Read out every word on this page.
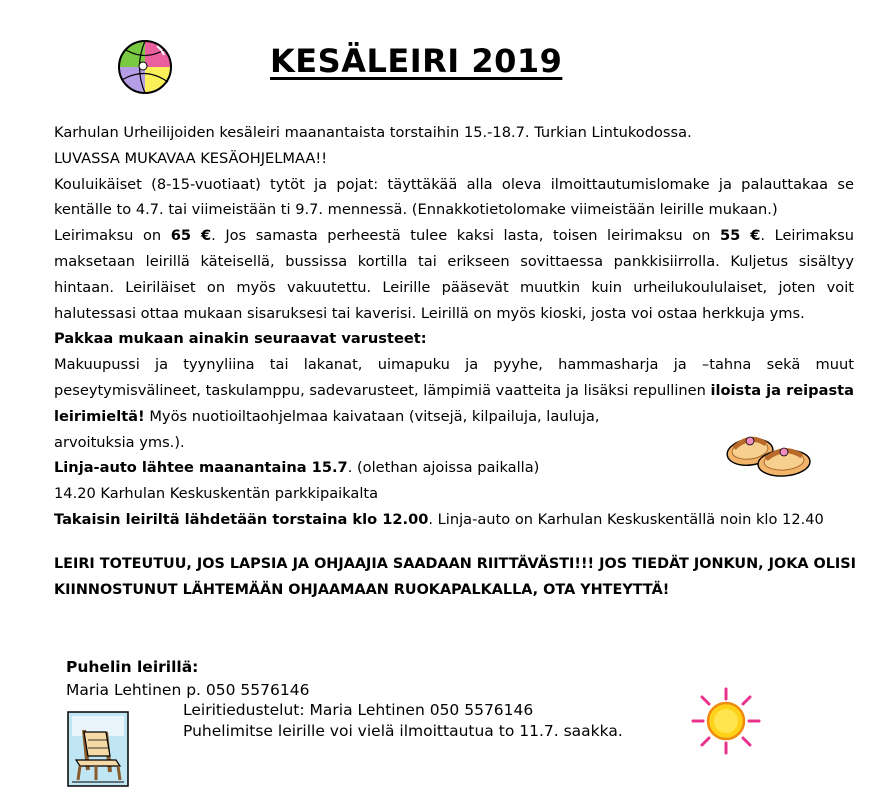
KESÄLEIRI 2019

Karhulan Urheilijoiden kesäleiri maanantaista torstaihin 15.-18.7. Turkian Lintukodossa.

LUVASSA MUKAVAA KESÄOHJELMAA!!

Kouluikäiset (8-15-vuotiaat) tytöt ja pojat: täyttäkää alla oleva ilmoittautumislomake ja palauttakaa se kentälle to 4.7. tai viimeistään ti 9.7. mennessä. (Ennakkotietolomake viimeistään leirille mukaan.)

Leirimaksu on 65 €. Jos samasta perheestä tulee kaksi lasta, toisen leirimaksu on 55 €. Leirimaksu maksetaan leirillä käteisellä, bussissa kortilla tai erikseen sovittaessa pankkisiirrolla. Kuljetus sisältyy hintaan. Leiriläiset on myös vakuutettu. Leirille pääsevät muutkin kuin urheilukoululaiset, joten voit halutessasi ottaa mukaan sisaruksesi tai kaverisi. Leirillä on myös kioski, josta voi ostaa herkkuja yms.

Pakkaa mukaan ainakin seuraavat varusteet:

Makuupussi ja tyynyliina tai lakanat, uimapuku ja pyyhe, hammasharja ja –tahna sekä muut peseytymisvälineet, taskulamppu, sadevarusteet, lämpimiä vaatteita ja lisäksi repullinen iloista ja reipasta leirimieltä! Myös nuotioiltaohjelmaa kaivataan (vitsejä, kilpailuja, lauluja,
arvoituksia yms.).

Linja-auto lähtee maanantaina 15.7. (olethan ajoissa paikalla)

14.20 Karhulan Keskuskentän parkkipaikalta

Takaisin leiriltä lähdetään torstaina klo 12.00. Linja-auto on Karhulan Keskuskentällä noin klo 12.40

LEIRI TOTEUTUU, JOS LAPSIA JA OHJAAJIA SAADAAN RIITTÄVÄSTI!!! JOS TIEDÄT JONKUN, JOKA OLISI KIINNOSTUNUT LÄHTEMÄÄN OHJAAMAAN RUOKAPALKALLA, OTA YHTEYTTÄ!
Puhelin leirillä:
Maria Lehtinen p. 050 5576146

Leiritiedustelut: Maria Lehtinen 050 5576146

Puhelimitse leirille voi vielä ilmoittautua to 11.7. saakka.
